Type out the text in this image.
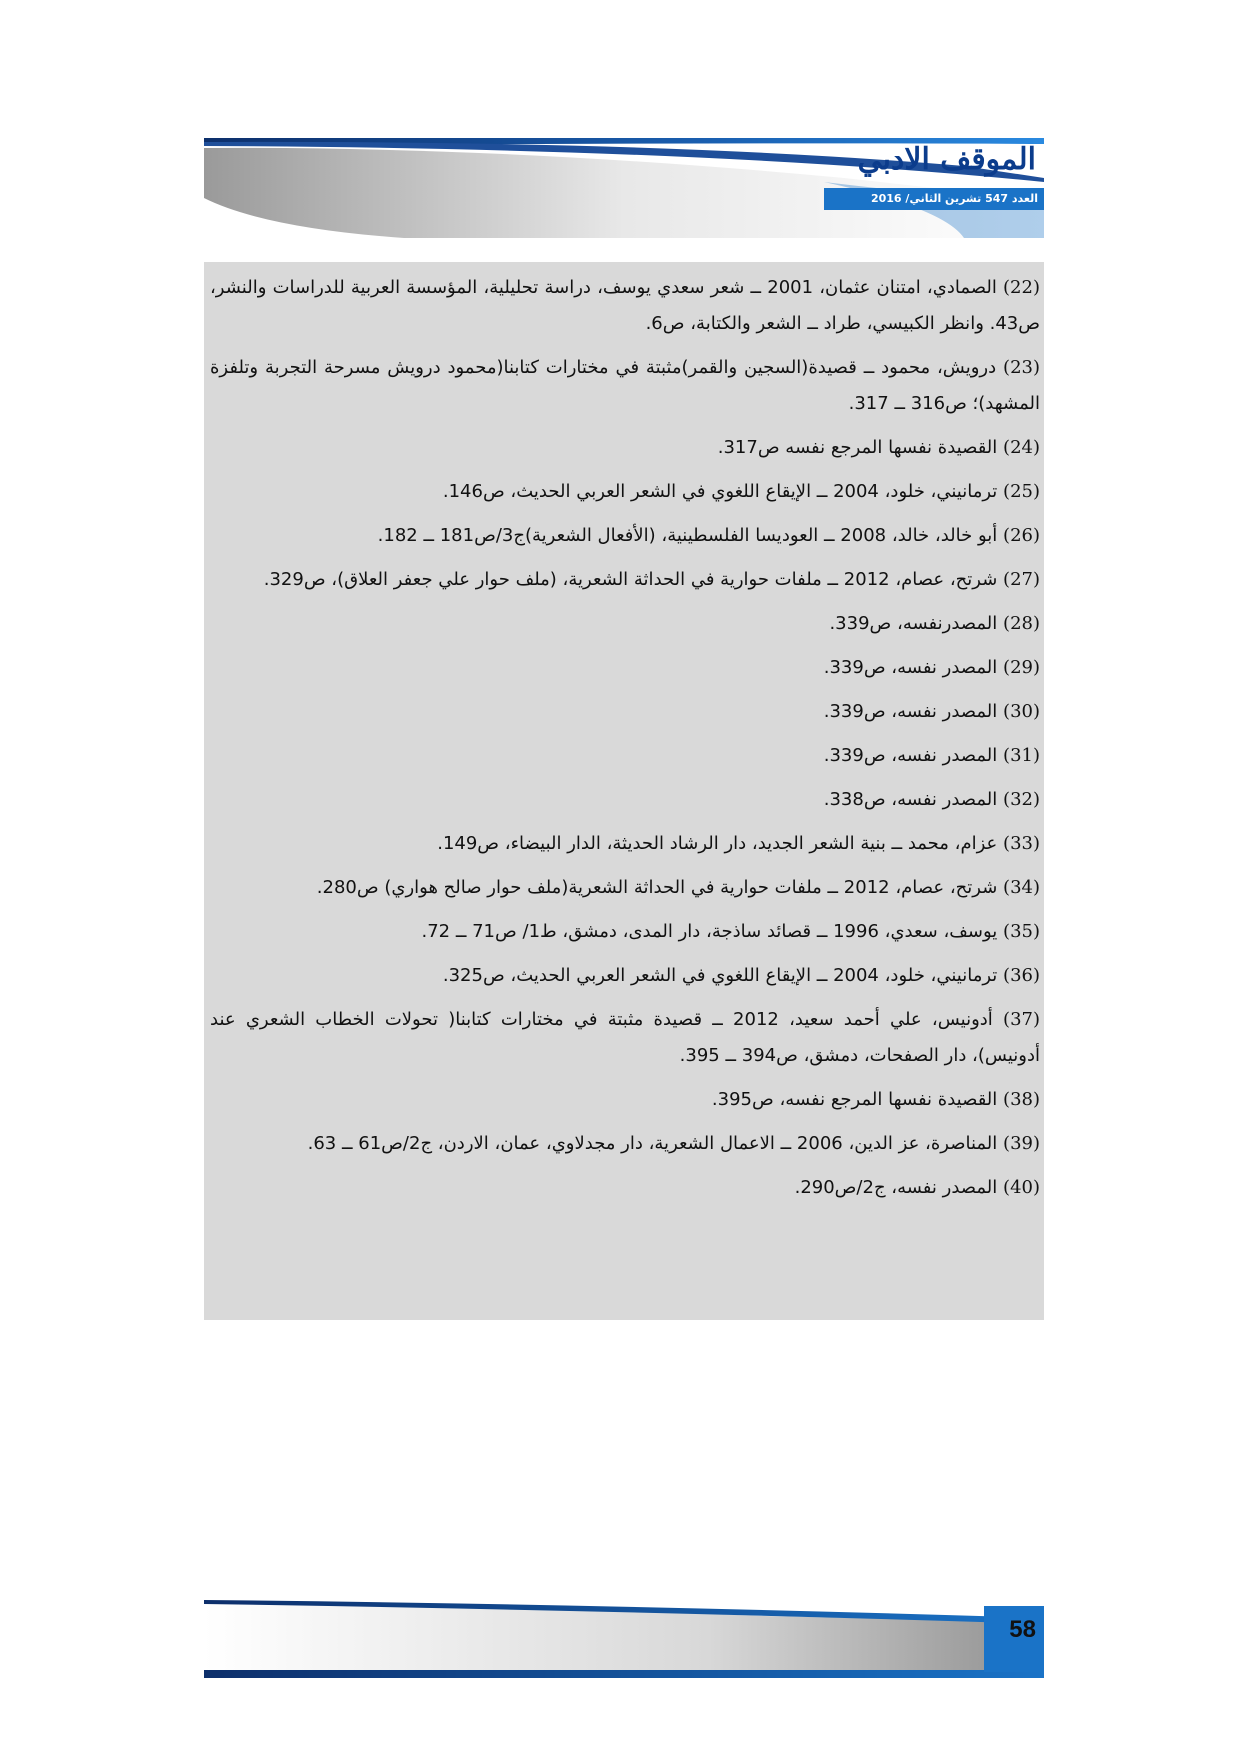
الموقف الادبي
العدد 547 تشرين الثاني/ 2016
(22) الصمادي، امتنان عثمان، 2001 ــ شعر سعدي يوسف، دراسة تحليلية، المؤسسة العربية للدراسات والنشر، ص43. وانظر الكبيسي، طراد ــ الشعر والكتابة، ص6.
(23) درويش، محمود ــ قصيدة(السجين والقمر)مثبتة في مختارات كتابنا(محمود درويش مسرحة التجربة وتلفزة المشهد)؛ ص316 ــ 317.
(24) القصيدة نفسها المرجع نفسه ص317.
(25) ترمانيني، خلود، 2004 ــ الإيقاع اللغوي في الشعر العربي الحديث، ص146.
(26) أبو خالد، خالد، 2008 ــ العوديسا الفلسطينية، (الأفعال الشعرية)ج3/ص181 ــ 182.
(27) شرتح، عصام، 2012 ــ ملفات حوارية في الحداثة الشعرية، (ملف حوار علي جعفر العلاق)، ص329.
(28) المصدرنفسه، ص339.
(29) المصدر نفسه، ص339.
(30) المصدر نفسه، ص339.
(31) المصدر نفسه، ص339.
(32) المصدر نفسه، ص338.
(33) عزام، محمد ــ بنية الشعر الجديد، دار الرشاد الحديثة، الدار البيضاء، ص149.
(34) شرتح، عصام، 2012 ــ ملفات حوارية في الحداثة الشعرية(ملف حوار صالح هواري) ص280.
(35) يوسف، سعدي، 1996 ــ قصائد ساذجة، دار المدى، دمشق، ط1/ ص71 ــ 72.
(36) ترمانيني، خلود، 2004 ــ الإيقاع اللغوي في الشعر العربي الحديث، ص325.
(37) أدونيس، علي أحمد سعيد، 2012 ــ قصيدة مثبتة في مختارات كتابنا( تحولات الخطاب الشعري عند أدونيس)، دار الصفحات، دمشق، ص394 ــ 395.
(38) القصيدة نفسها المرجع نفسه، ص395.
(39) المناصرة، عز الدين، 2006 ــ الاعمال الشعرية، دار مجدلاوي، عمان، الاردن، ج2/ص61 ــ 63.
(40) المصدر نفسه، ج2/ص290.
58
